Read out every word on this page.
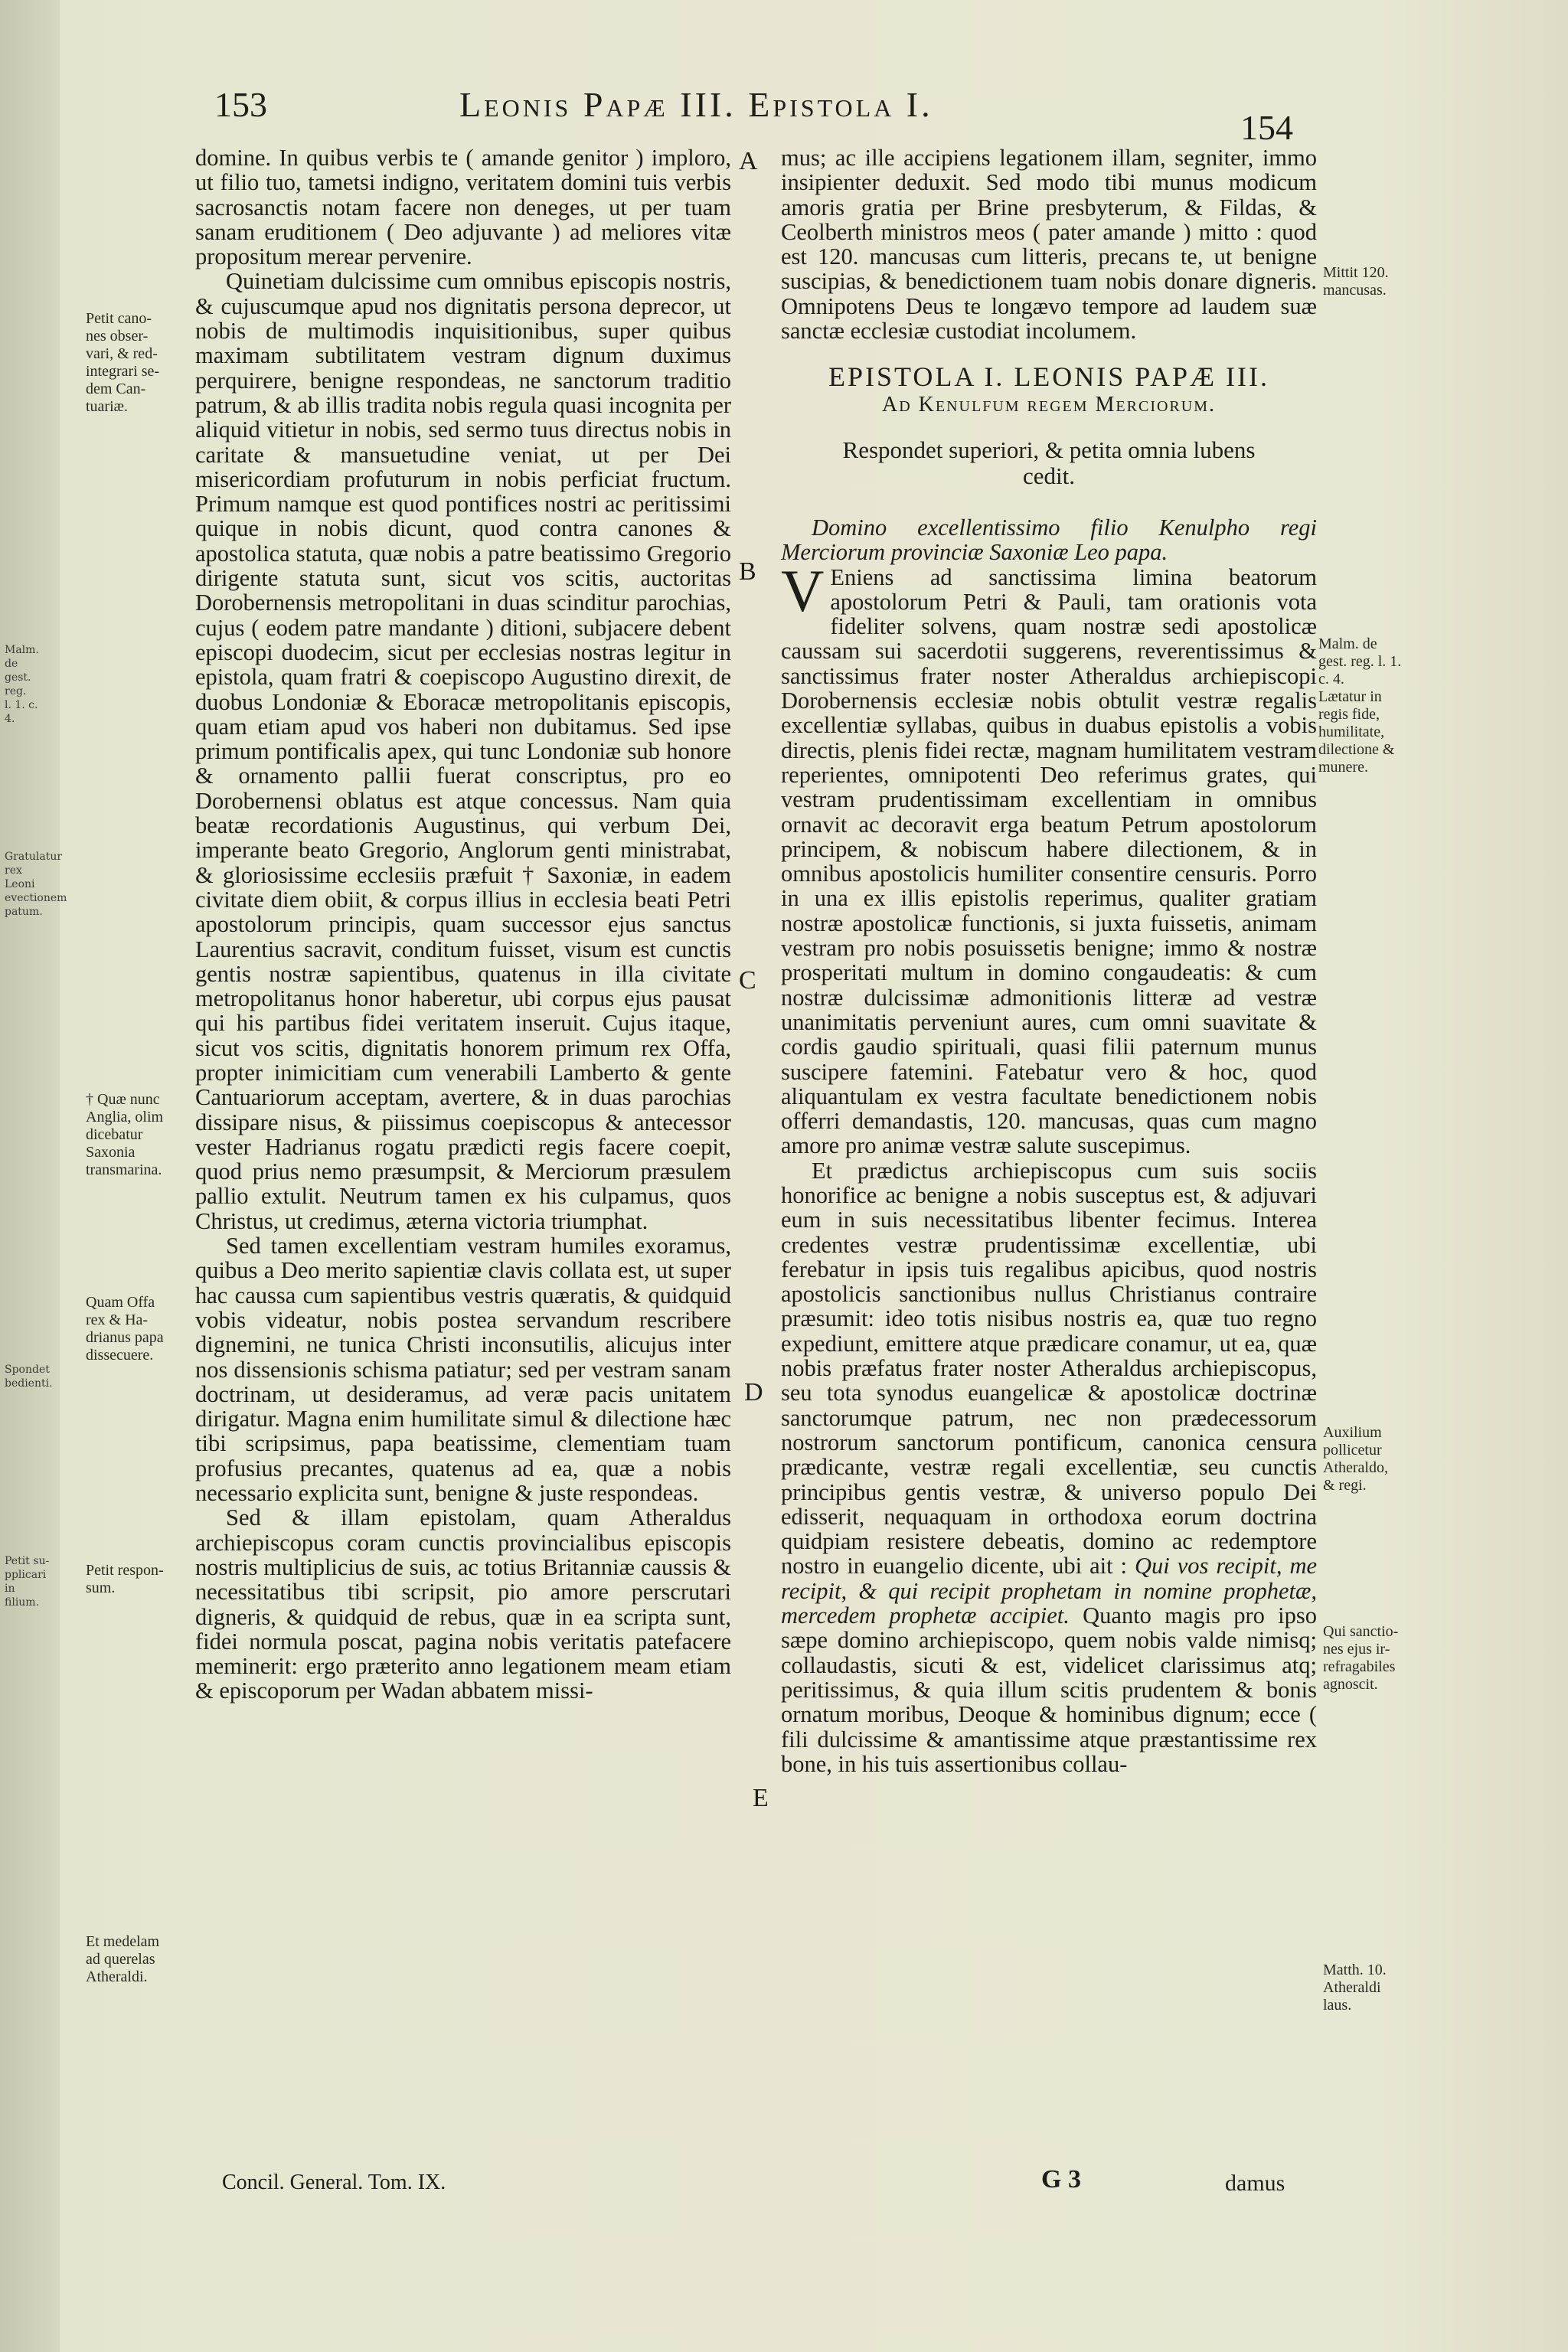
Malm. de
gest. reg.
l. 1. c. 4.
Gratulatur
rex Leoni
evectionem
patum.
Spondet
bedienti.
Petit su-
pplicari in
filium.
153	Leonis Papæ III. Epistola I.
154
Petit cano-
nes obser-
vari, & red-
integrari se-
dem Can-
tuariæ.
† Quæ nunc
Anglia, olim
dicebatur
Saxonia
transmarina.
Quam Offa
rex & Ha-
drianus papa
dissecuere.
Petit respon-
sum.
Et medelam
ad querelas
Atheraldi.
Mittit 120.
mancusas.
Malm. de
gest. reg. l. 1.
c. 4.
Lætatur in
regis fide,
humilitate,
dilectione &
munere.
Auxilium
pollicetur
Atheraldo,
& regi.
Qui sanctio-
nes ejus ir-
refragabiles
agnoscit.
Matth. 10.
Atheraldi
laus.
A
B
C
D
E

domine. In quibus verbis te ( amande genitor ) imploro, ut filio tuo, tametsi indigno, veritatem domini tuis verbis sacrosanctis notam facere non deneges, ut per tuam sanam eruditionem ( Deo adjuvante ) ad meliores vitæ propositum merear pervenire.

Quinetiam dulcissime cum omnibus episcopis nostris, & cujuscumque apud nos dignitatis persona deprecor, ut nobis de multimodis inquisitionibus, super quibus maximam subtilitatem vestram dignum duximus perquirere, benigne respondeas, ne sanctorum traditio patrum, & ab illis tradita nobis regula quasi incognita per aliquid vitietur in nobis, sed sermo tuus directus nobis in caritate & mansuetudine veniat, ut per Dei misericordiam profuturum in nobis perficiat fructum. Primum namque est quod pontifices nostri ac peritissimi quique in nobis dicunt, quod contra canones & apostolica statuta, quæ nobis a patre beatissimo Gregorio dirigente statuta sunt, sicut vos scitis, auctoritas Dorobernensis metropolitani in duas scinditur parochias, cujus ( eodem patre mandante ) ditioni, subjacere debent episcopi duodecim, sicut per ecclesias nostras legitur in epistola, quam fratri & coepiscopo Augustino direxit, de duobus Londoniæ & Eboracæ metropolitanis episcopis, quam etiam apud vos haberi non dubitamus. Sed ipse primum pontificalis apex, qui tunc Londoniæ sub honore & ornamento pallii fuerat conscriptus, pro eo Dorobernensi oblatus est atque concessus. Nam quia beatæ recordationis Augustinus, qui verbum Dei, imperante beato Gregorio, Anglorum genti ministrabat, & gloriosissime ecclesiis præfuit † Saxoniæ, in eadem civitate diem obiit, & corpus illius in ecclesia beati Petri apostolorum principis, quam successor ejus sanctus Laurentius sacravit, conditum fuisset, visum est cunctis gentis nostræ sapientibus, quatenus in illa civitate metropolitanus honor haberetur, ubi corpus ejus pausat qui his partibus fidei veritatem inseruit. Cujus itaque, sicut vos scitis, dignitatis honorem primum rex Offa, propter inimicitiam cum venerabili Lamberto & gente Cantuariorum acceptam, avertere, & in duas parochias dissipare nisus, & piissimus coepiscopus & antecessor vester Hadrianus rogatu prædicti regis facere coepit, quod prius nemo præsumpsit, & Merciorum præsulem pallio extulit. Neutrum tamen ex his culpamus, quos Christus, ut credimus, æterna victoria triumphat.

Sed tamen excellentiam vestram humiles exoramus, quibus a Deo merito sapientiæ clavis collata est, ut super hac caussa cum sapientibus vestris quæratis, & quidquid vobis videatur, nobis postea servandum rescribere dignemini, ne tunica Christi inconsutilis, alicujus inter nos dissensionis schisma patiatur; sed per vestram sanam doctrinam, ut desideramus, ad veræ pacis unitatem dirigatur. Magna enim humilitate simul & dilectione hæc tibi scripsimus, papa beatissime, clementiam tuam profusius precantes, quatenus ad ea, quæ a nobis necessario explicita sunt, benigne & juste respondeas.

Sed & illam epistolam, quam Atheraldus archiepiscopus coram cunctis provincialibus episcopis nostris multiplicius de suis, ac totius Britanniæ caussis & necessitatibus tibi scripsit, pio amore perscrutari digneris, & quidquid de rebus, quæ in ea scripta sunt, fidei normula poscat, pagina nobis veritatis patefacere meminerit: ergo præterito anno legationem meam etiam & episcoporum per Wadan abbatem missi-

mus; ac ille accipiens legationem illam, segniter, immo insipienter deduxit. Sed modo tibi munus modicum amoris gratia per Brine presbyterum, & Fildas, & Ceolberth ministros meos ( pater amande ) mitto : quod est 120. mancusas cum litteris, precans te, ut benigne suscipias, & benedictionem tuam nobis donare digneris. Omnipotens Deus te longævo tempore ad laudem suæ sanctæ ecclesiæ custodiat incolumem.

EPISTOLA I. LEONIS PAPÆ III.
Ad Kenulfum regem Merciorum.
Respondet superiori, & petita omnia lubens cedit.

Domino excellentissimo filio Kenulpho regi Merciorum provinciæ Saxoniæ Leo papa.

V Eniens ad sanctissima limina beatorum apostolorum Petri & Pauli, tam orationis vota fideliter solvens, quam nostræ sedi apostolicæ caussam sui sacerdotii suggerens, reverentissimus & sanctissimus frater noster Atheraldus archiepiscopi Dorobernensis ecclesiæ nobis obtulit vestræ regalis excellentiæ syllabas, quibus in duabus epistolis a vobis directis, plenis fidei rectæ, magnam humilitatem vestram reperientes, omnipotenti Deo referimus grates, qui vestram prudentissimam excellentiam in omnibus ornavit ac decoravit erga beatum Petrum apostolorum principem, & nobiscum habere dilectionem, & in omnibus apostolicis humiliter consentire censuris. Porro in una ex illis epistolis reperimus, qualiter gratiam nostræ apostolicæ functionis, si juxta fuissetis, animam vestram pro nobis posuissetis benigne; immo & nostræ prosperitati multum in domino congaudeatis: & cum nostræ dulcissimæ admonitionis litteræ ad vestræ unanimitatis perveniunt aures, cum omni suavitate & cordis gaudio spirituali, quasi filii paternum munus suscipere fatemini. Fatebatur vero & hoc, quod aliquantulam ex vestra facultate benedictionem nobis offerri demandastis, 120. mancusas, quas cum magno amore pro animæ vestræ salute suscepimus.

Et prædictus archiepiscopus cum suis sociis honorifice ac benigne a nobis susceptus est, & adjuvari eum in suis necessitatibus libenter fecimus. Interea credentes vestræ prudentissimæ excellentiæ, ubi ferebatur in ipsis tuis regalibus apicibus, quod nostris apostolicis sanctionibus nullus Christianus contraire præsumit: ideo totis nisibus nostris ea, quæ tuo regno expediunt, emittere atque prædicare conamur, ut ea, quæ nobis præfatus frater noster Atheraldus archiepiscopus, seu tota synodus euangelicæ & apostolicæ doctrinæ sanctorumque patrum, nec non prædecessorum nostrorum sanctorum pontificum, canonica censura prædicante, vestræ regali excellentiæ, seu cunctis principibus gentis vestræ, & universo populo Dei edisserit, nequaquam in orthodoxa eorum doctrina quidpiam resistere debeatis, domino ac redemptore nostro in euangelio dicente, ubi ait : Qui vos recipit, me recipit, & qui recipit prophetam in nomine prophetæ, mercedem prophetæ accipiet. Quanto magis pro ipso sæpe domino archiepiscopo, quem nobis valde nimisq; collaudastis, sicuti & est, videlicet clarissimus atq; peritissimus, & quia illum scitis prudentem & bonis ornatum moribus, Deoque & hominibus dignum; ecce ( fili dulcissime & amantissime atque præstantissime rex bone, in his tuis assertionibus collau-

Concil. General. Tom. IX.	G 3	damus
